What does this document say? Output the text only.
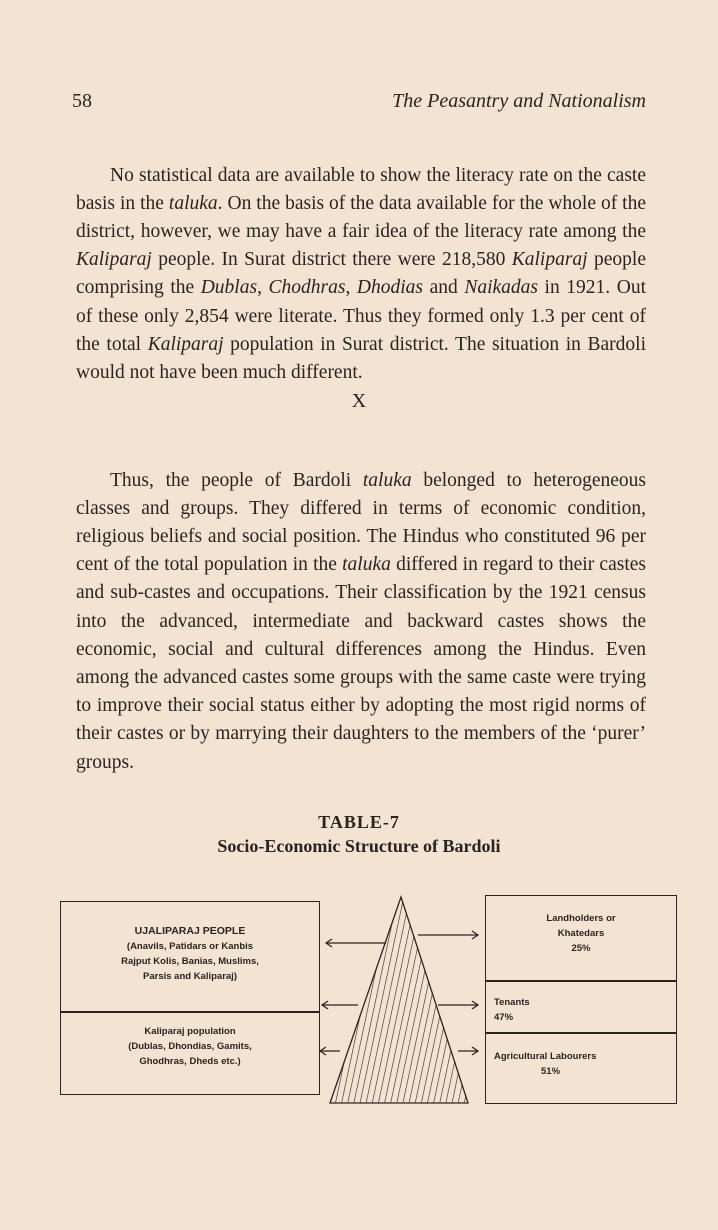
58	The Peasantry and Nationalism

No statistical data are available to show the literacy rate on the caste basis in the taluka. On the basis of the data available for the whole of the district, however, we may have a fair idea of the literacy rate among the Kaliparaj people. In Surat district there were 218,580 Kaliparaj people comprising the Dublas, Chodhras, Dhodias and Naikadas in 1921. Out of these only 2,854 were literate. Thus they formed only 1.3 per cent of the total Kaliparaj population in Surat district. The situation in Bardoli would not have been much different.

X

Thus, the people of Bardoli taluka belonged to heterogeneous classes and groups. They differed in terms of economic condition, religious beliefs and social position. The Hindus who constituted 96 per cent of the total population in the taluka differed in regard to their castes and sub-castes and occupations. Their classification by the 1921 census into the advanced, intermediate and backward castes shows the economic, social and cultural differences among the Hindus. Even among the advanced castes some groups with the same caste were trying to improve their social status either by adopting the most rigid norms of their castes or by marrying their daughters to the members of the ‘purer’ groups.

TABLE-7
Socio-Economic Structure of Bardoli
UJALIPARAJ PEOPLE
(Anavils, Patidars or Kanbis
Rajput Kolis, Banias, Muslims,
Parsis and Kaliparaj)
Kaliparaj population
(Dublas, Dhondias, Gamits,
Ghodhras, Dheds etc.)
Landholders or
Khatedars
25%
Tenants
47%
Agricultural Labourers
51%
